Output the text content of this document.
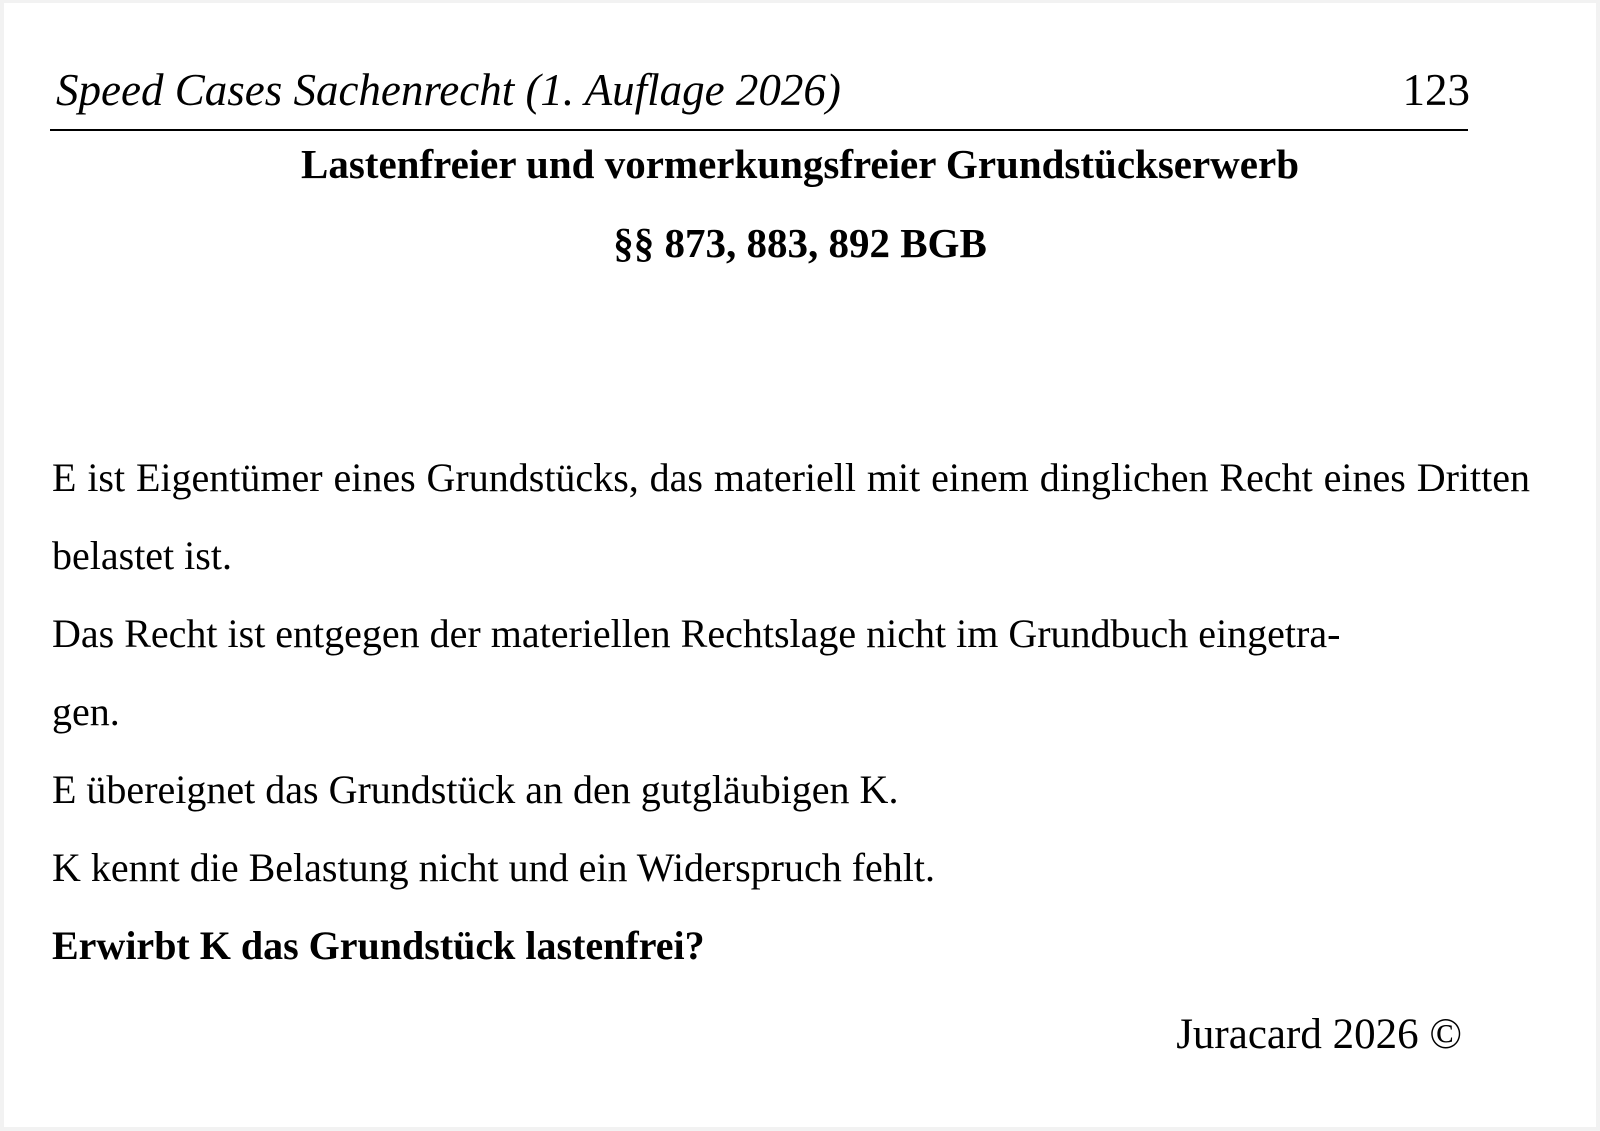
Speed Cases Sachenrecht (1. Auflage 2026)	123
Lastenfreier und vormerkungsfreier Grundstückserwerb
§§ 873, 883, 892 BGB

E ist Eigentümer eines Grundstücks, das materiell mit einem dinglichen Recht eines Dritten belastet ist.

Das Recht ist entgegen der materiellen Rechtslage nicht im Grundbuch eingetra-
gen.

E übereignet das Grundstück an den gutgläubigen K.

K kennt die Belastung nicht und ein Widerspruch fehlt.

Erwirbt K das Grundstück lastenfrei?

Juracard 2026 ©
